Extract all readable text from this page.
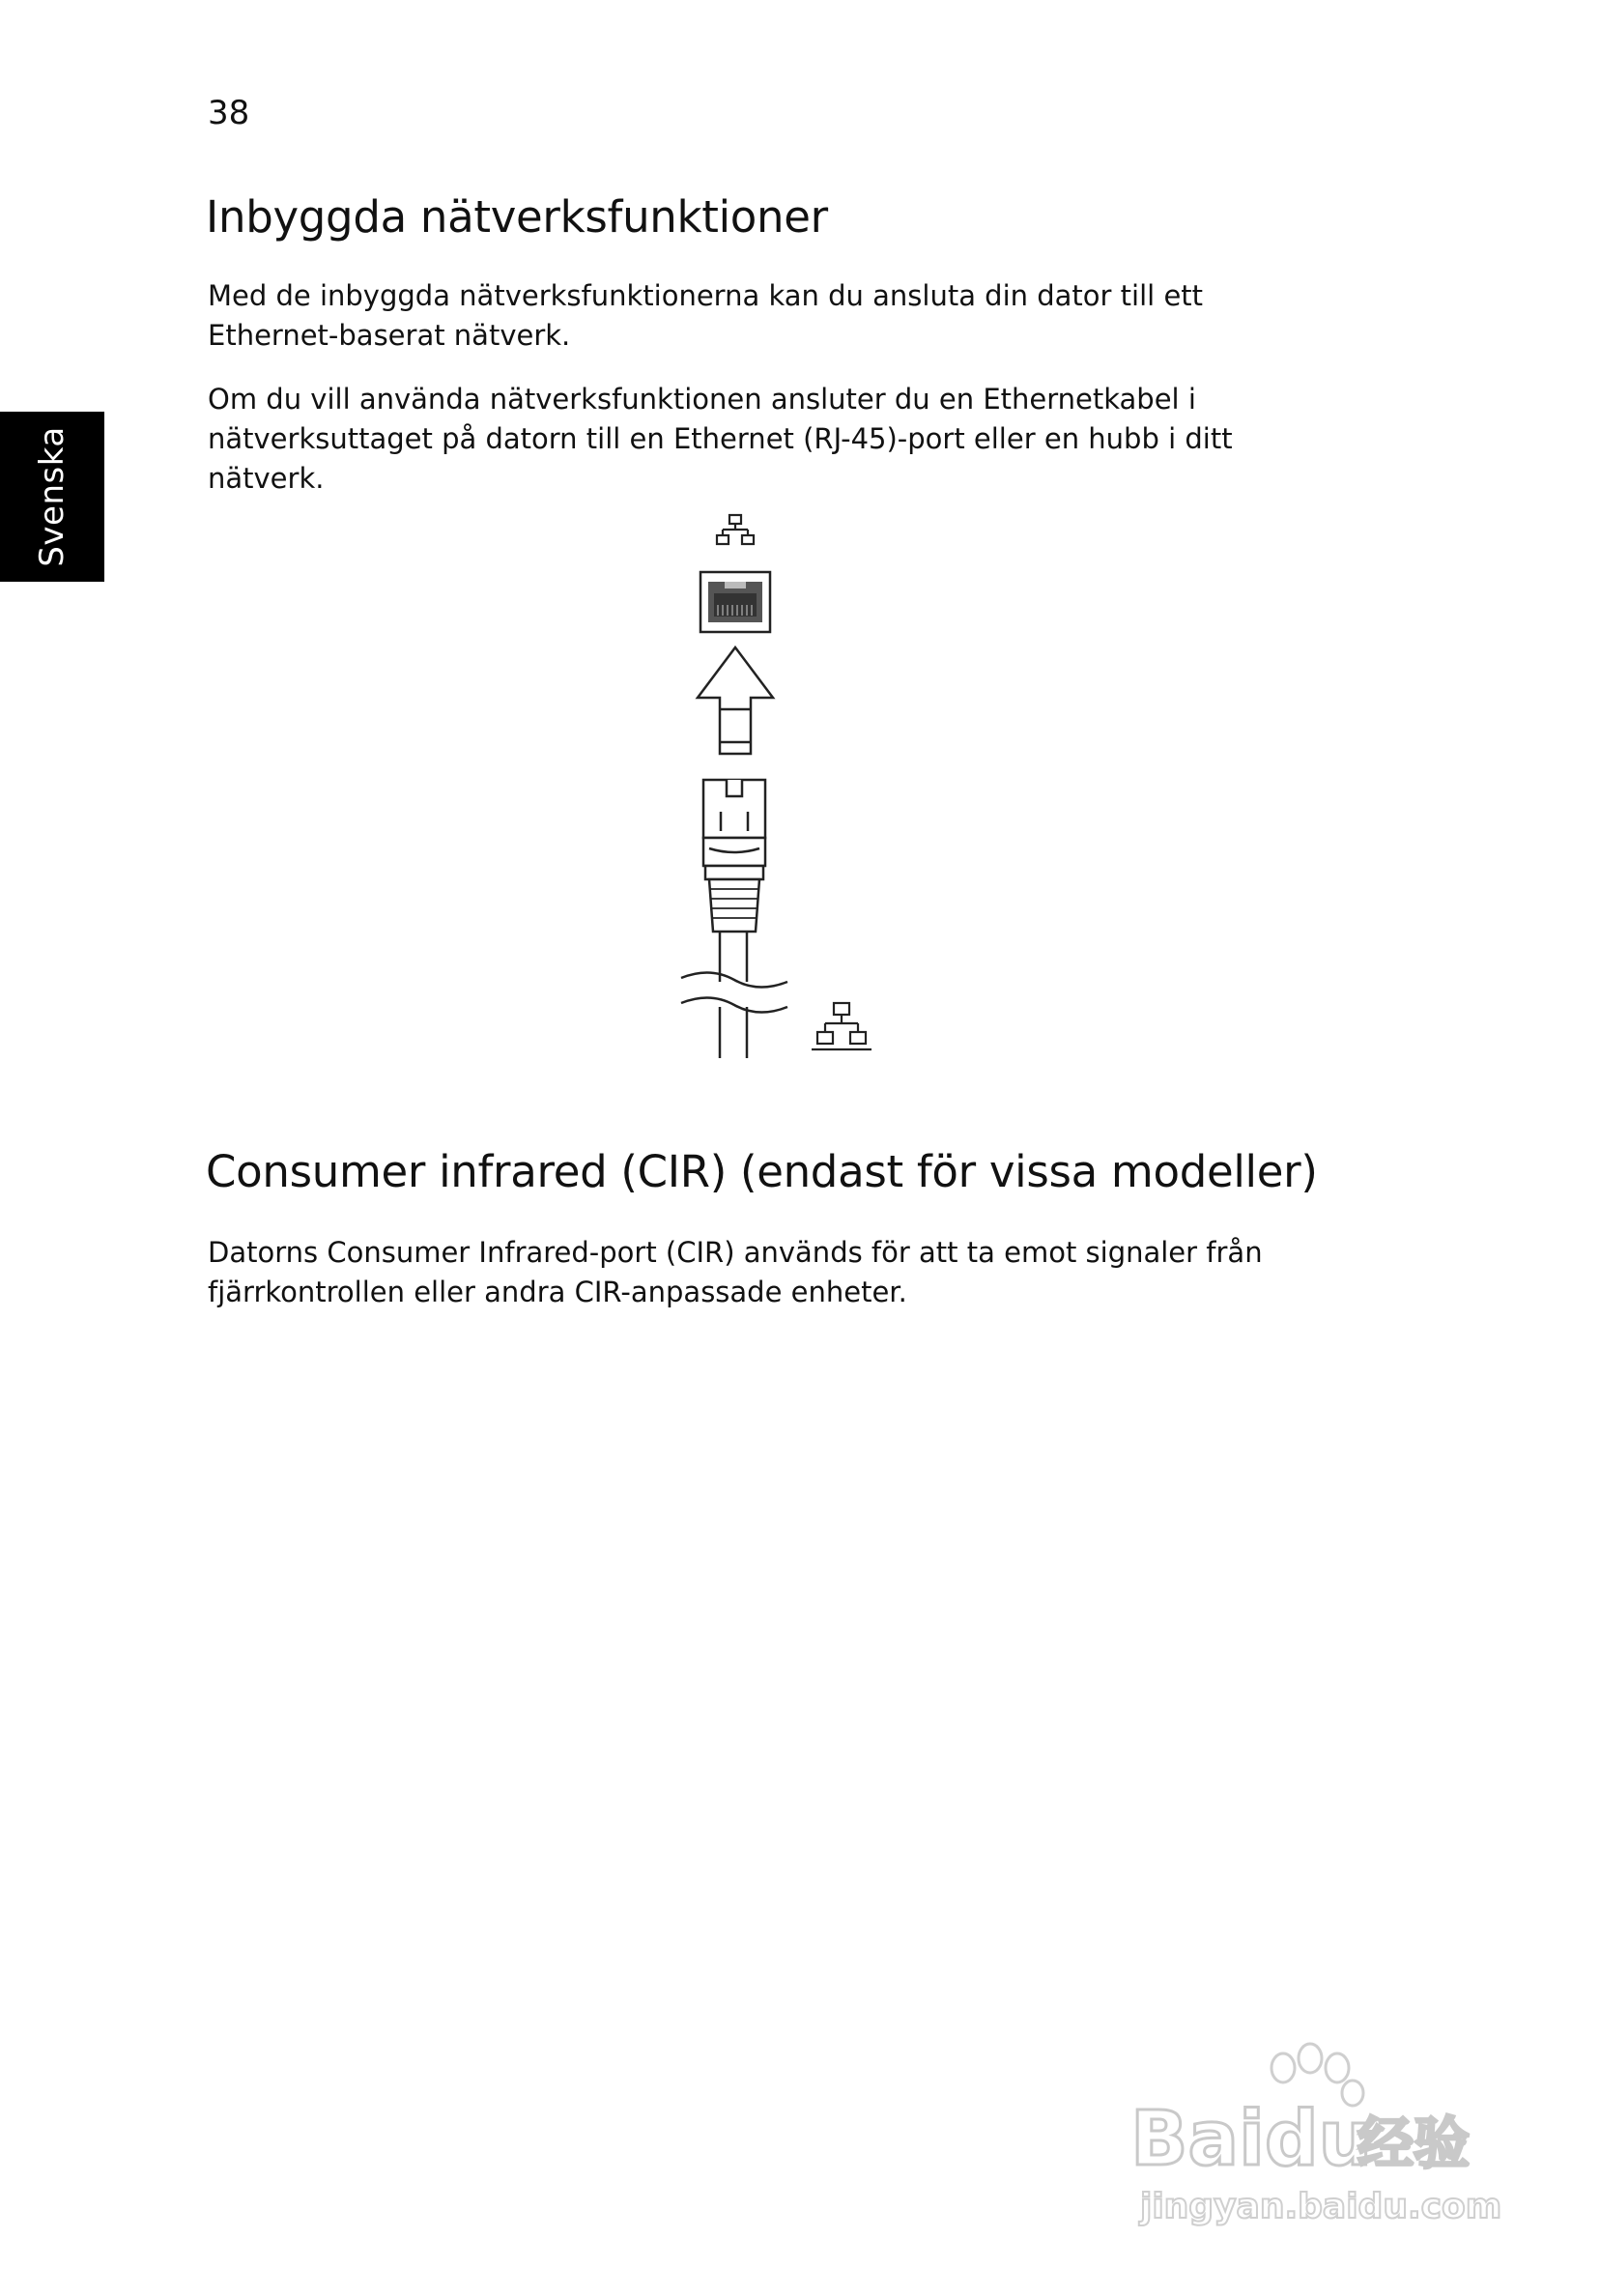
38
Svenska
Inbyggda nätverksfunktioner

Med de inbyggda nätverksfunktionerna kan du ansluta din dator till ett Ethernet-baserat nätverk.

Om du vill använda nätverksfunktionen ansluter du en Ethernetkabel i nätverksuttaget på datorn till en Ethernet (RJ-45)-port eller en hubb i ditt nätverk.

Consumer infrared (CIR) (endast för vissa modeller)

Datorns Consumer Infrared-port (CIR) används för att ta emot signaler från fjärrkontrollen eller andra CIR-anpassade enheter.

Baidu
经验
jingyan.baidu.com
